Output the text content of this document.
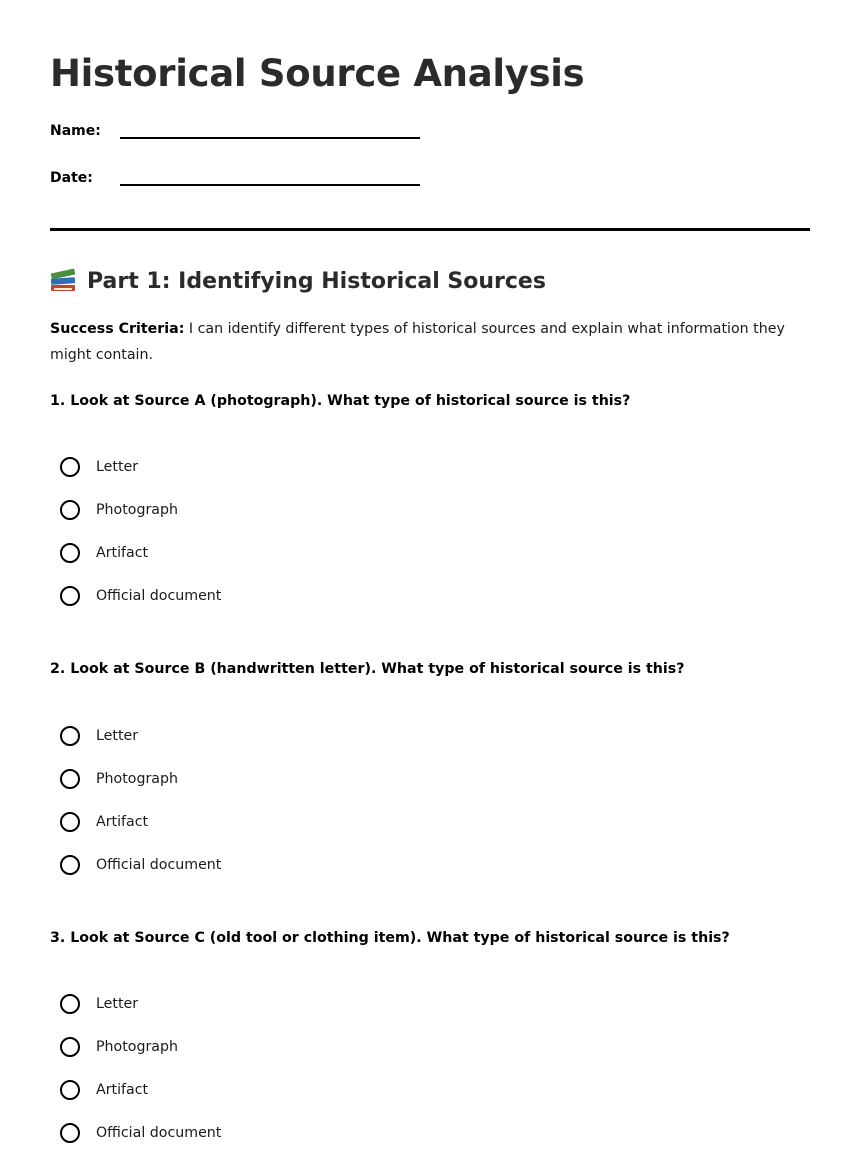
Historical Source Analysis
Name:
Date:
Part 1: Identifying Historical Sources

Success Criteria: I can identify different types of historical sources and explain what information they might contain.

1. Look at Source A (photograph). What type of historical source is this?

Letter
Photograph
Artifact
Official document

2. Look at Source B (handwritten letter). What type of historical source is this?

Letter
Photograph
Artifact
Official document

3. Look at Source C (old tool or clothing item). What type of historical source is this?

Letter
Photograph
Artifact
Official document
